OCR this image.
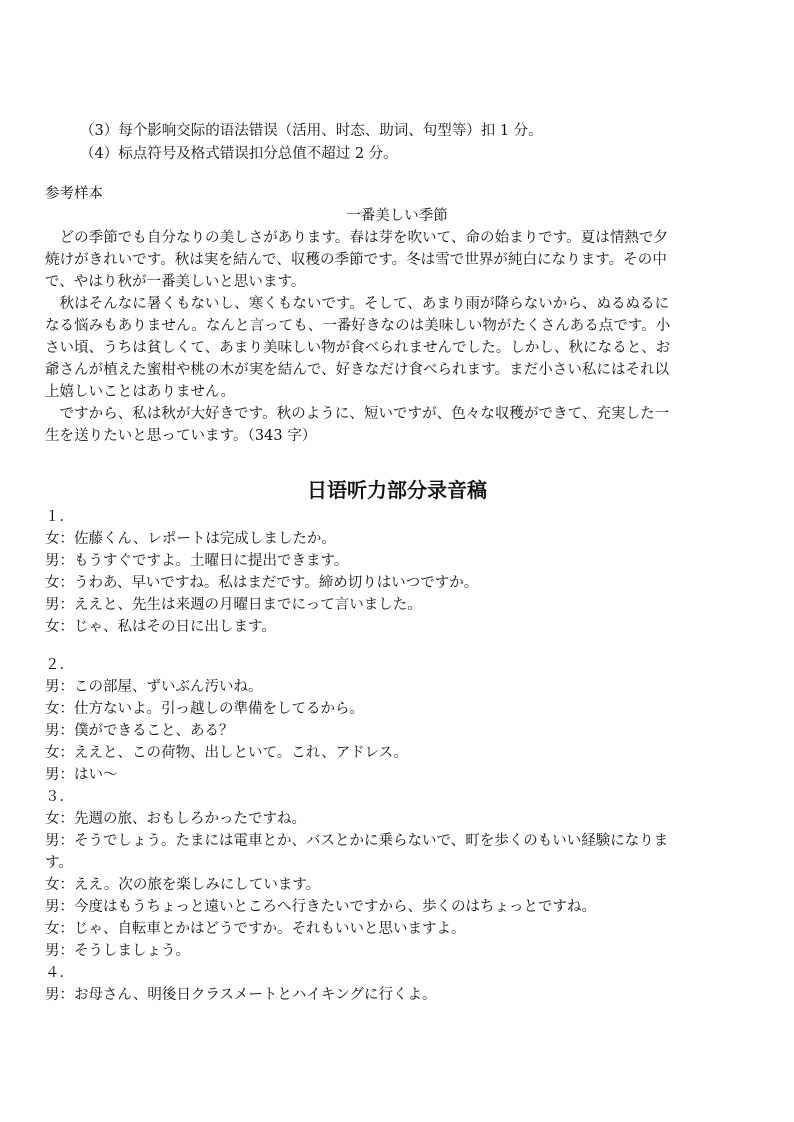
（3）每个影响交际的语法错误（活用、时态、助词、句型等）扣 1 分。
（4）标点符号及格式错误扣分总值不超过 2 分。
参考样本
一番美しい季節
　どの季節でも自分なりの美しさがあります。春は芽を吹いて、命の始まりです。夏は情熱で夕
焼けがきれいです。秋は実を結んで、収穫の季節です。冬は雪で世界が純白になります。その中
で、やはり秋が一番美しいと思います。
　秋はそんなに暑くもないし、寒くもないです。そして、あまり雨が降らないから、ぬるぬるに
なる悩みもありません。なんと言っても、一番好きなのは美味しい物がたくさんある点です。小
さい頃、うちは貧しくて、あまり美味しい物が食べられませんでした。しかし、秋になると、お
爺さんが植えた蜜柑や桃の木が実を結んで、好きなだけ食べられます。まだ小さい私にはそれ以
上嬉しいことはありません。
　ですから、私は秋が大好きです。秋のように、短いですが、色々な収穫ができて、充実した一
生を送りたいと思っています。（343 字）
日语听力部分录音稿
１．
女：佐藤くん、レポートは完成しましたか。
男：もうすぐですよ。土曜日に提出できます。
女：うわあ、早いですね。私はまだです。締め切りはいつですか。
男：ええと、先生は来週の月曜日までにって言いました。
女：じゃ、私はその日に出します。
２．
男：この部屋、ずいぶん汚いね。
女：仕方ないよ。引っ越しの準備をしてるから。
男：僕ができること、ある？
女：ええと、この荷物、出しといて。これ、アドレス。
男：はい～
３．
女：先週の旅、おもしろかったですね。
男：そうでしょう。たまには電車とか、バスとかに乗らないで、町を歩くのもいい経験になりま
す。
女：ええ。次の旅を楽しみにしています。
男：今度はもうちょっと遠いところへ行きたいですから、歩くのはちょっとですね。
女：じゃ、自転車とかはどうですか。それもいいと思いますよ。
男：そうしましょう。
４．
男：お母さん、明後日クラスメートとハイキングに行くよ。
